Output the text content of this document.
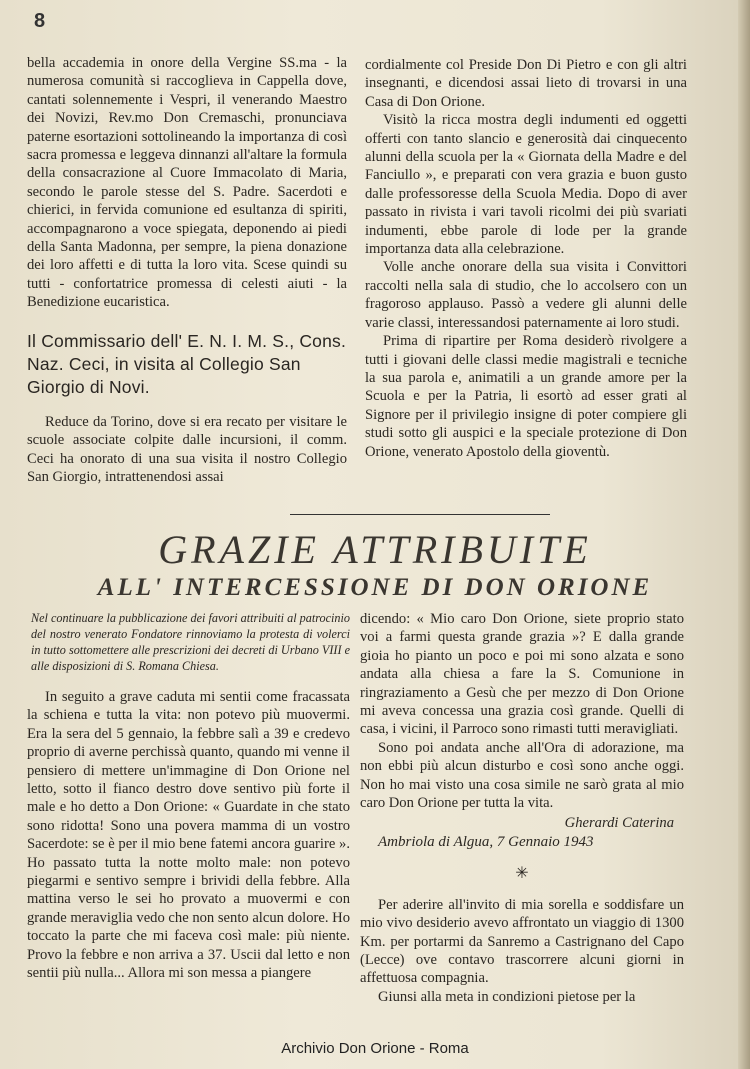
8

bella accademia in onore della Vergine SS.ma - la numerosa comunità si raccoglieva in Cappella dove, cantati solennemente i Vespri, il venerando Maestro dei Novizi, Rev.mo Don Cremaschi, pronunciava paterne esortazioni sottolineando la importanza di così sacra promessa e leggeva dinnanzi all'altare la formula della consacrazione al Cuore Immacolato di Maria, secondo le parole stesse del S. Padre. Sacerdoti e chierici, in fervida comunione ed esultanza di spiriti, accompagnarono a voce spiegata, deponendo ai piedi della Santa Madonna, per sempre, la piena donazione dei loro affetti e di tutta la loro vita. Scese quindi su tutti - confortatrice promessa di celesti aiuti - la Benedizione eucaristica.

Il Commissario dell' E. N. I. M. S., Cons. Naz. Ceci, in visita al Collegio San Giorgio di Novi.

Reduce da Torino, dove si era recato per visitare le scuole associate colpite dalle incursioni, il comm. Ceci ha onorato di una sua visita il nostro Collegio San Giorgio, intrattenendosi assai

cordialmente col Preside Don Di Pietro e con gli altri insegnanti, e dicendosi assai lieto di trovarsi in una Casa di Don Orione.

Visitò la ricca mostra degli indumenti ed oggetti offerti con tanto slancio e generosità dai cinquecento alunni della scuola per la « Giornata della Madre e del Fanciullo », e preparati con vera grazia e buon gusto dalle professoresse della Scuola Media. Dopo di aver passato in rivista i vari tavoli ricolmi dei più svariati indumenti, ebbe parole di lode per la grande importanza data alla celebrazione.

Volle anche onorare della sua visita i Convittori raccolti nella sala di studio, che lo accolsero con un fragoroso applauso. Passò a vedere gli alunni delle varie classi, interessandosi paternamente ai loro studi.

Prima di ripartire per Roma desiderò rivolgere a tutti i giovani delle classi medie magistrali e tecniche la sua parola e, animatili a un grande amore per la Scuola e per la Patria, li esortò ad esser grati al Signore per il privilegio insigne di poter compiere gli studi sotto gli auspici e la speciale protezione di Don Orione, venerato Apostolo della gioventù.

GRAZIE ATTRIBUITE
ALL' INTERCESSIONE DI DON ORIONE

Nel continuare la pubblicazione dei favori attribuiti al patrocinio del nostro venerato Fondatore rinnoviamo la protesta di volerci in tutto sottomettere alle prescrizioni dei decreti di Urbano VIII e alle disposizioni di S. Romana Chiesa.

In seguito a grave caduta mi sentii come fracassata la schiena e tutta la vita: non potevo più muovermi. Era la sera del 5 gennaio, la febbre salì a 39 e credevo proprio di averne perchissà quanto, quando mi venne il pensiero di mettere un'immagine di Don Orione nel letto, sotto il fianco destro dove sentivo più forte il male e ho detto a Don Orione: « Guardate in che stato sono ridotta! Sono una povera mamma di un vostro Sacerdote: se è per il mio bene fatemi ancora guarire ». Ho passato tutta la notte molto male: non potevo piegarmi e sentivo sempre i brividi della febbre. Alla mattina verso le sei ho provato a muovermi e con grande meraviglia vedo che non sento alcun dolore. Ho toccato la parte che mi faceva così male: più niente. Provo la febbre e non arriva a 37. Uscii dal letto e non sentii più nulla... Allora mi son messa a piangere

dicendo: « Mio caro Don Orione, siete proprio stato voi a farmi questa grande grazia »? E dalla grande gioia ho pianto un poco e poi mi sono alzata e sono andata alla chiesa a fare la S. Comunione in ringraziamento a Gesù che per mezzo di Don Orione mi aveva concessa una grazia così grande. Quelli di casa, i vicini, il Parroco sono rimasti tutti meravigliati.

Sono poi andata anche all'Ora di adorazione, ma non ebbi più alcun disturbo e così sono anche oggi. Non ho mai visto una cosa simile ne sarò grata al mio caro Don Orione per tutta la vita.

Gherardi Caterina

Ambriola di Algua, 7 Gennaio 1943

✳

Per aderire all'invito di mia sorella e soddisfare un mio vivo desiderio avevo affrontato un viaggio di 1300 Km. per portarmi da Sanremo a Castrignano del Capo (Lecce) ove contavo trascorrere alcuni giorni in affettuosa compagnia.

Giunsi alla meta in condizioni pietose per la

Archivio Don Orione - Roma
